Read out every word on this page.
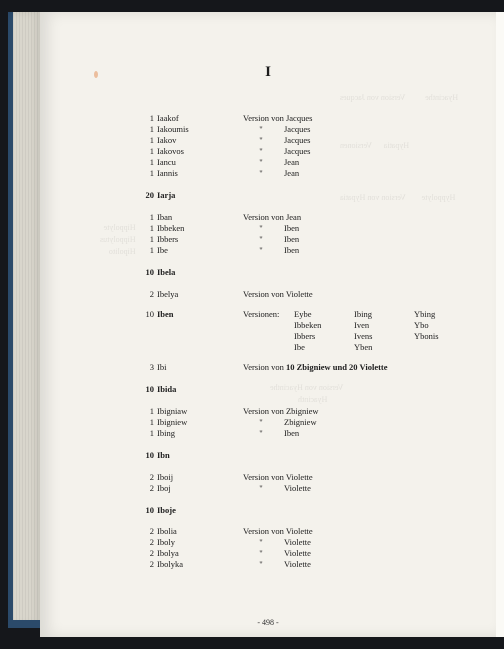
Hyacinthe          Version von Jacques
Hypatia      Versionen
Hyppolyte        Version von Hypatia
Hippolyte
Hippolytus
Hipolito
Version von Hyacinthe
Hyacinth
I
1 Iaakof	Version von Jacques
1 Iakoumis	"	Jacques
1 Iakov	"	Jacques
1 Iakovos	"	Jacques
1 Iancu	"	Jean
1 Iannis	"	Jean
20 Iarja
1 Iban	Version von Jean
1 Ibbeken	"	Iben
1 Ibbers	"	Iben
1 Ibe	"	Iben
10 Ibela
2 Ibelya	Version von Violette
10 Iben	Versionen: Eybe	Ibing	Ybing
Ibbeken	Iven	Ybo
Ibbers	Ivens	Ybonis
Ibe	Yben
3 Ibi	Version von 10 Zbigniew und 20 Violette
10 Ibida
1 Ibigniaw	Version von Zbigniew
1 Ibigniew	"	Zbigniew
1 Ibing	"	Iben
10 Ibn
2 Iboij	Version von Violette
2 Iboj	"	Violette
10 Iboje
2 Ibolia	Version von Violette
2 Iboly	"	Violette
2 Ibolya	"	Violette
2 Ibolyka	"	Violette
- 498 -
